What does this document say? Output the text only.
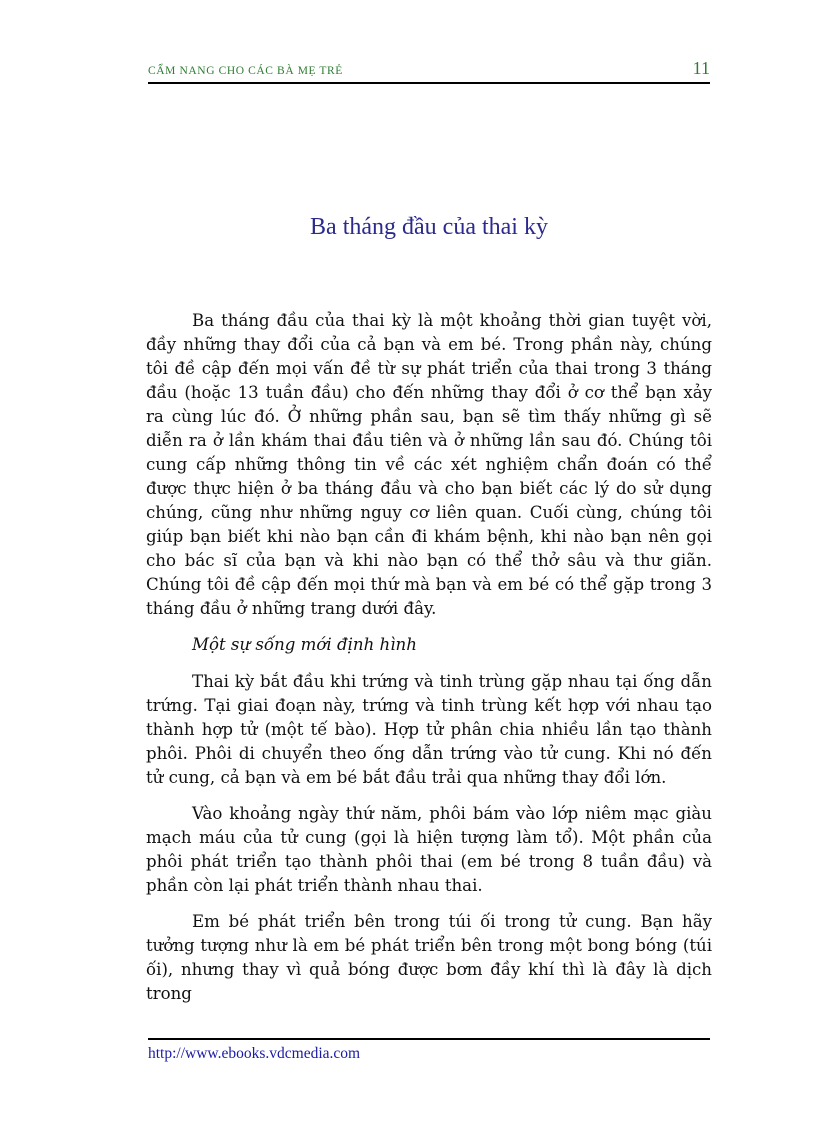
CẨM NANG CHO CÁC BÀ MẸ TRẺ	11
Ba tháng đầu của thai kỳ

Ba tháng đầu của thai kỳ là một khoảng thời gian tuyệt vời, đầy những thay đổi của cả bạn và em bé. Trong phần này, chúng tôi đề cập đến mọi vấn đề từ sự phát triển của thai trong 3 tháng đầu (hoặc 13 tuần đầu) cho đến những thay đổi ở cơ thể bạn xảy ra cùng lúc đó. Ở những phần sau, bạn sẽ tìm thấy những gì sẽ diễn ra ở lần khám thai đầu tiên và ở những lần sau đó. Chúng tôi cung cấp những thông tin về các xét nghiệm chẩn đoán có thể được thực hiện ở ba tháng đầu và cho bạn biết các lý do sử dụng chúng, cũng như những nguy cơ liên quan. Cuối cùng, chúng tôi giúp bạn biết khi nào bạn cần đi khám bệnh, khi nào bạn nên gọi cho bác sĩ của bạn và khi nào bạn có thể thở sâu và thư giãn. Chúng tôi đề cập đến mọi thứ mà bạn và em bé có thể gặp trong 3 tháng đầu ở những trang dưới đây.

Một sự sống mới định hình

Thai kỳ bắt đầu khi trứng và tinh trùng gặp nhau tại ống dẫn trứng. Tại giai đoạn này, trứng và tinh trùng kết hợp với nhau tạo thành hợp tử (một tế bào). Hợp tử phân chia nhiều lần tạo thành phôi. Phôi di chuyển theo ống dẫn trứng vào tử cung. Khi nó đến tử cung, cả bạn và em bé bắt đầu trải qua những thay đổi lớn.

Vào khoảng ngày thứ năm, phôi bám vào lớp niêm mạc giàu mạch máu của tử cung (gọi là hiện tượng làm tổ). Một phần của phôi phát triển tạo thành phôi thai (em bé trong 8 tuần đầu) và phần còn lại phát triển thành nhau thai.

Em bé phát triển bên trong túi ối trong tử cung. Bạn hãy tưởng tượng như là em bé phát triển bên trong một bong bóng (túi ối), nhưng thay vì quả bóng được bơm đầy khí thì là đây là dịch trong

http://www.ebooks.vdcmedia.com
